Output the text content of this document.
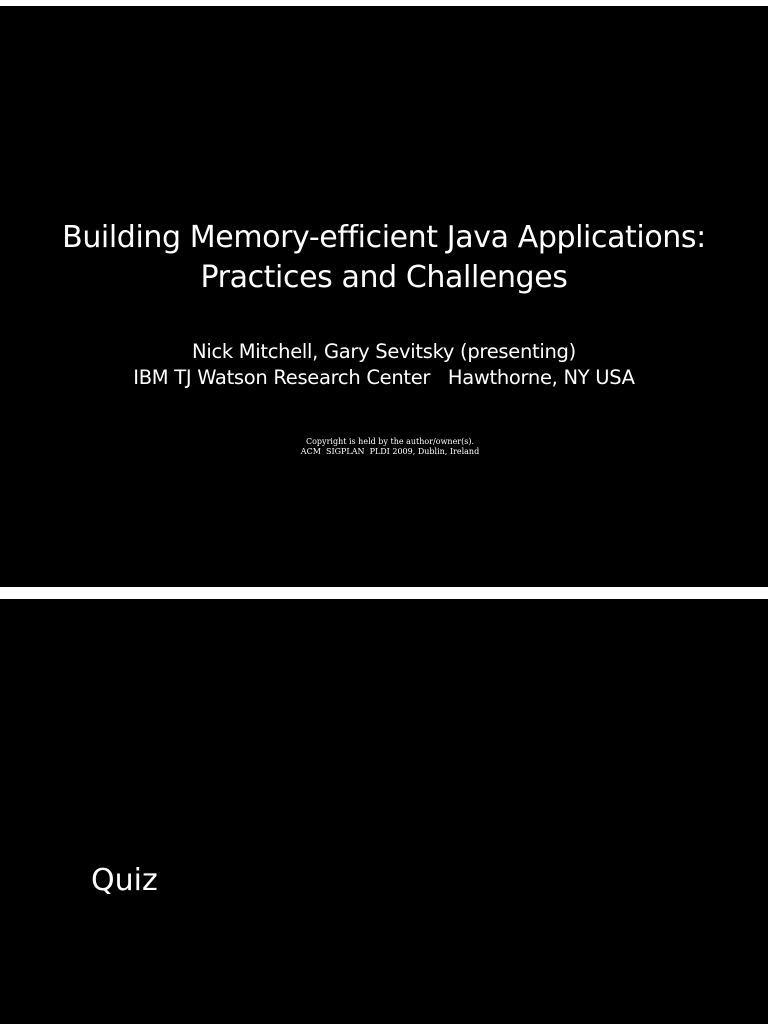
Building Memory-efficient Java Applications:
Practices and Challenges
Nick Mitchell, Gary Sevitsky (presenting)
IBM TJ Watson Research Center   Hawthorne, NY USA
Copyright is held by the author/owner(s).
ACM  SIGPLAN  PLDI 2009, Dublin, Ireland
Quiz
